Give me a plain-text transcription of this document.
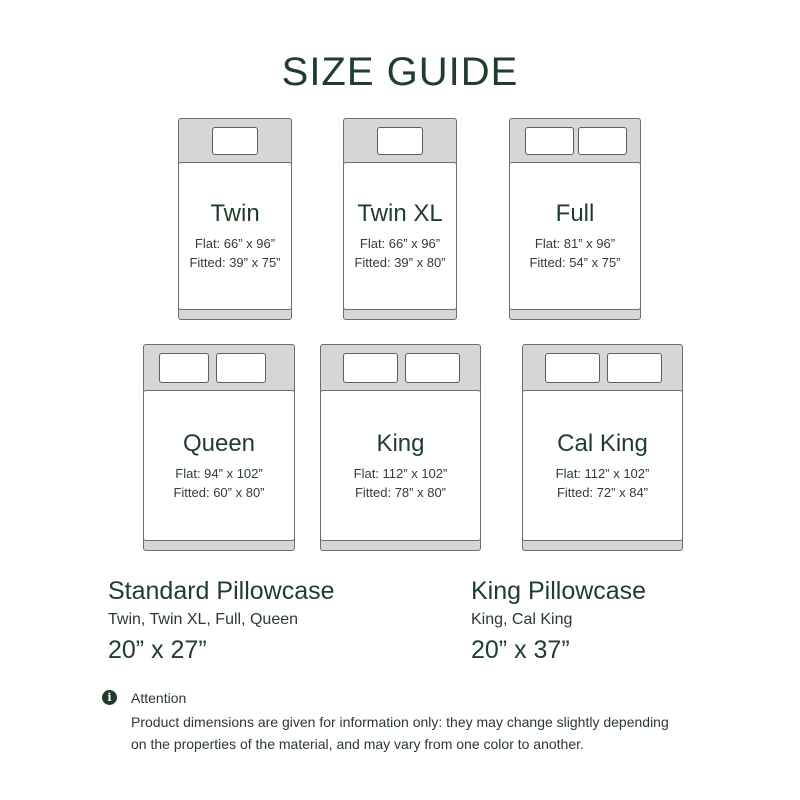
SIZE GUIDE
Twin
Flat: 66” x 96”
Fitted: 39” x 75”
Twin XL
Flat: 66” x 96”
Fitted: 39” x 80”
Full
Flat: 81” x 96”
Fitted: 54” x 75”
Queen
Flat: 94” x 102”
Fitted: 60” x 80”
King
Flat: 112” x 102”
Fitted: 78” x 80”
Cal King
Flat: 112” x 102”
Fitted: 72” x 84”
Standard Pillowcase
Twin, Twin XL, Full, Queen
20” x 27”
King Pillowcase
King, Cal King
20” x 37”
i	Attention
Product dimensions are given for information only: they may change slightly depending
on the properties of the material, and may vary from one color to another.
